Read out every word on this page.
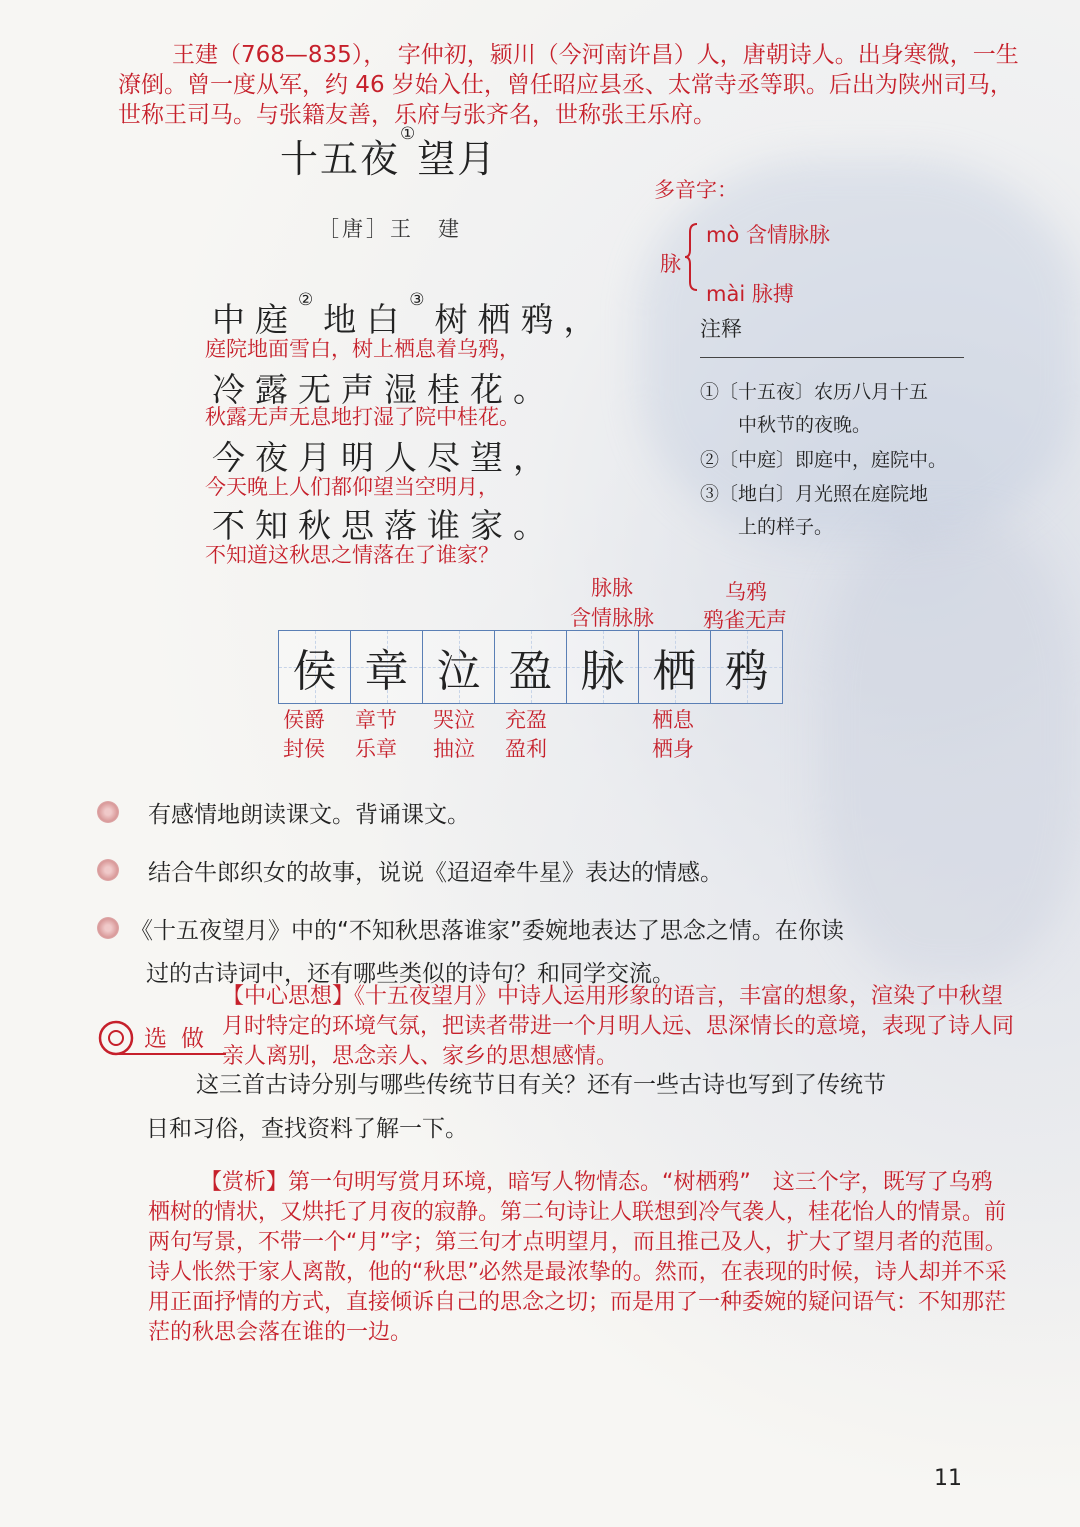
王建（768—835），　字仲初，颍川（今河南许昌）人，唐朝诗人。出身寒微，一生潦倒。曾一度从军，约 46 岁始入仕，曾任昭应县丞、太常寺丞等职。后出为陕州司马，世称王司马。与张籍友善，乐府与张齐名，世称张王乐府。
十五夜①望月
［唐］王　建
中庭②地白③树栖鸦，
庭院地面雪白，树上栖息着乌鸦，
冷露无声湿桂花。
秋露无声无息地打湿了院中桂花。
今夜月明人尽望，
今天晚上人们都仰望当空明月，
不知秋思落谁家。
不知道这秋思之情落在了谁家？
多音字：
脉
mò 含情脉脉
mài 脉搏
注释
①〔十五夜〕农历八月十五
中秋节的夜晚。
②〔中庭〕即庭中，庭院中。
③〔地白〕月光照在庭院地
上的样子。
脉脉
含情脉脉
乌鸦
鸦雀无声
侯 章 泣 盈 脉 栖 鸦
侯爵
封侯
章节
乐章
哭泣
抽泣
充盈
盈利
栖息
栖身
有感情地朗读课文。背诵课文。
结合牛郎织女的故事，说说《迢迢牵牛星》表达的情感。
《十五夜望月》中的“不知秋思落谁家”委婉地表达了思念之情。在你读
过的古诗词中，还有哪些类似的诗句？和同学交流。
【中心思想】《十五夜望月》中诗人运用形象的语言，丰富的想象，渲染了中秋望月时特定的环境气氛，把读者带进一个月明人远、思深情长的意境，表现了诗人同亲人离别，思念亲人、家乡的思想感情。
选做
这三首古诗分别与哪些传统节日有关？还有一些古诗也写到了传统节
日和习俗，查找资料了解一下。
【赏析】第一句明写赏月环境，暗写人物情态。“树栖鸦”　这三个字，既写了乌鸦栖树的情状，又烘托了月夜的寂静。第二句诗让人联想到冷气袭人，桂花怡人的情景。前两句写景，不带一个“月”字；第三句才点明望月，而且推己及人，扩大了望月者的范围。诗人怅然于家人离散，他的“秋思”必然是最浓挚的。然而，在表现的时候，诗人却并不采用正面抒情的方式，直接倾诉自己的思念之切；而是用了一种委婉的疑问语气：不知那茫茫的秋思会落在谁的一边。
11
